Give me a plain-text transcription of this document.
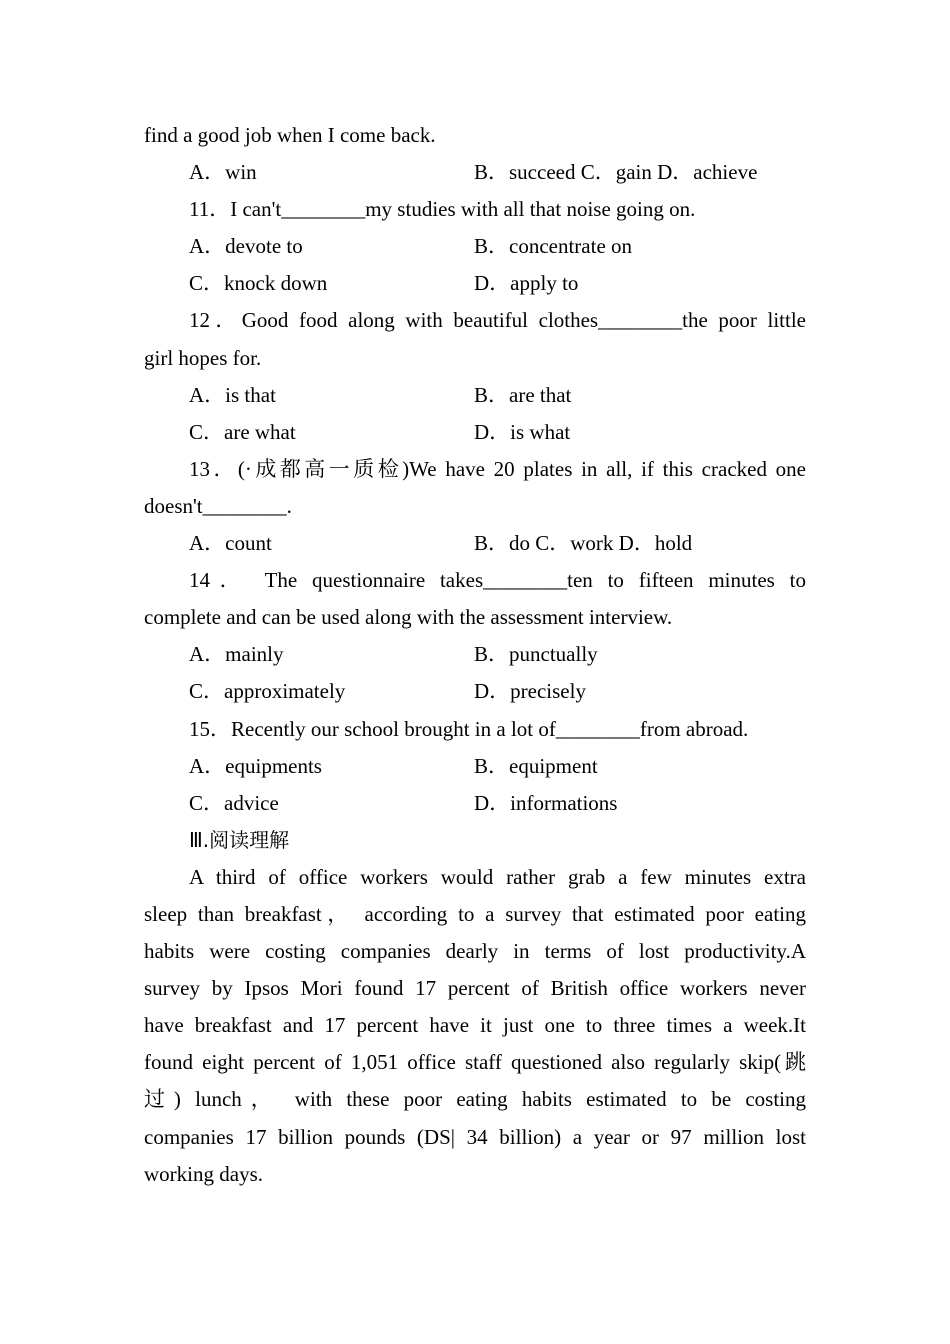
find a good job when I come back.
A．win	B．succeed C．gain D．achieve
11．I can't________my studies with all that noise going on.
A．devote to	B．concentrate on
C．knock down	D．apply to
12．Good food along with beautiful clothes________the poor little
girl hopes for.
A．is that	B．are that
C．are what	D．is what
13．(·成都高一质检)We have 20 plates in all, if this cracked one
doesn't________.
A．count	B．do C．work D．hold
14． The questionnaire takes________ten to fifteen minutes to
complete and can be used along with the assessment interview.
A．mainly	B．punctually
C．approximately	D．precisely
15．Recently our school brought in a lot of________from abroad.
A．equipments	B．equipment
C．advice	D．informations
Ⅲ.阅读理解
A third of office workers would rather grab a few minutes extra
sleep than breakfast， according to a survey that estimated poor eating
habits were costing companies dearly in terms of lost productivity.A
survey by Ipsos Mori found 17 percent of British office workers never
have breakfast and 17 percent have it just one to three times a week.It
found eight percent of 1,051 office staff questioned also regularly skip(跳
过) lunch， with these poor eating habits estimated to be costing
companies 17 billion pounds (DS| 34 billion) a year or 97 million lost
working days.
